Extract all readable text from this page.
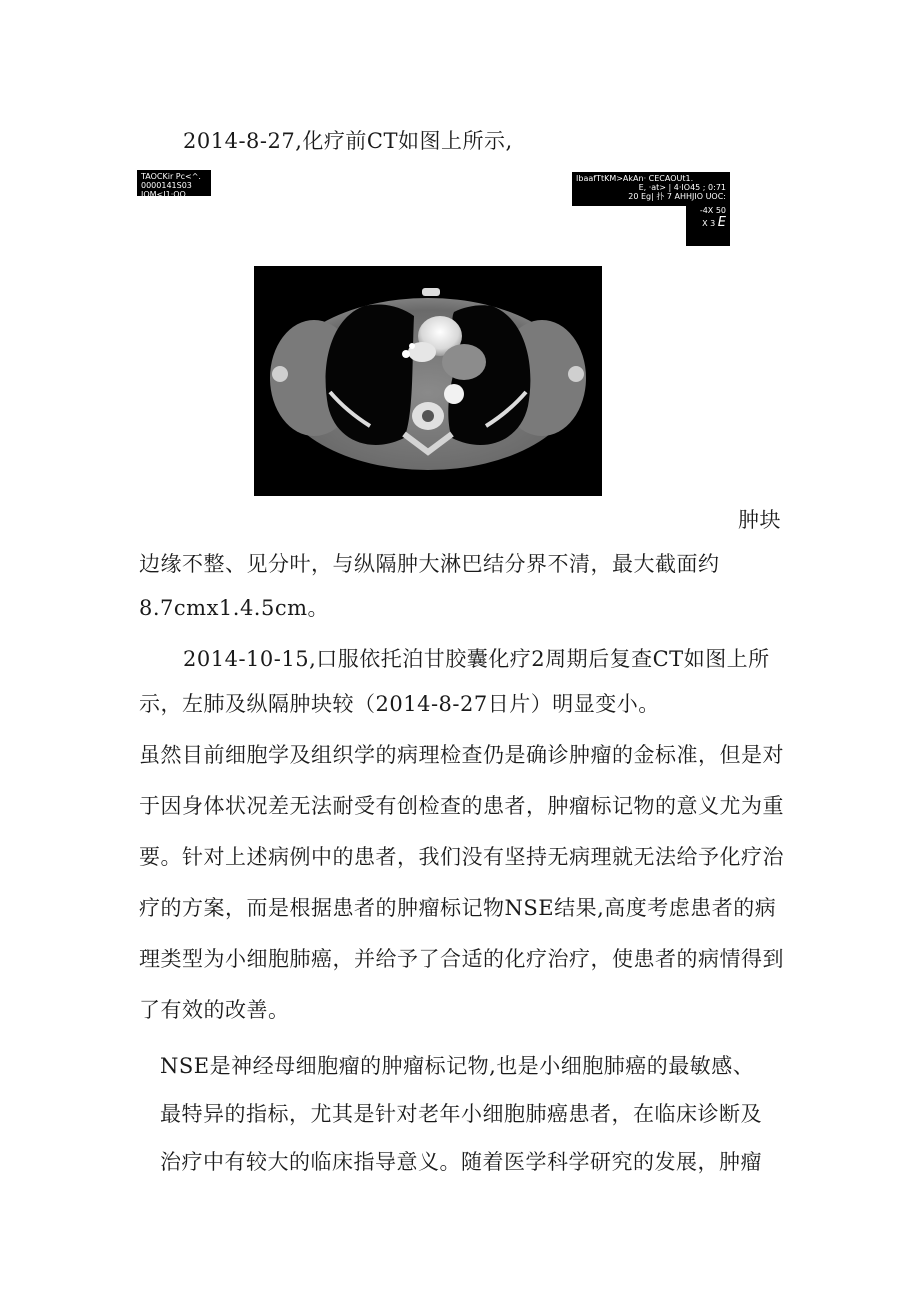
2014-8-27,化疗前CT如图上所示,

TAOCKir Pc<^.
0000141S03
IQM<I1·OO
IbaafTtKM>AkAn· CECAOUt1.
E, ·at> | 4·IO45 ; 0:71
20 Eg| 扑 7 AHHJIO UOC:
-4X 50
X 3 E

肿块

边缘不整、见分叶，与纵隔肿大淋巴结分界不清，最大截面约

8.7cmx1.4.5cm。

2014-10-15,口服依托泊甘胶囊化疗2周期后复查CT如图上所

示，左肺及纵隔肿块较（2014-8-27日片）明显变小。

虽然目前细胞学及组织学的病理检查仍是确诊肿瘤的金标准，但是对

于因身体状况差无法耐受有创检查的患者，肿瘤标记物的意义尤为重

要。针对上述病例中的患者，我们没有坚持无病理就无法给予化疗治

疗的方案，而是根据患者的肿瘤标记物NSE结果,高度考虑患者的病

理类型为小细胞肺癌，并给予了合适的化疗治疗，使患者的病情得到

了有效的改善。

NSE是神经母细胞瘤的肿瘤标记物,也是小细胞肺癌的最敏感、

最特异的指标，尤其是针对老年小细胞肺癌患者，在临床诊断及

治疗中有较大的临床指导意义。随着医学科学研究的发展，肿瘤
